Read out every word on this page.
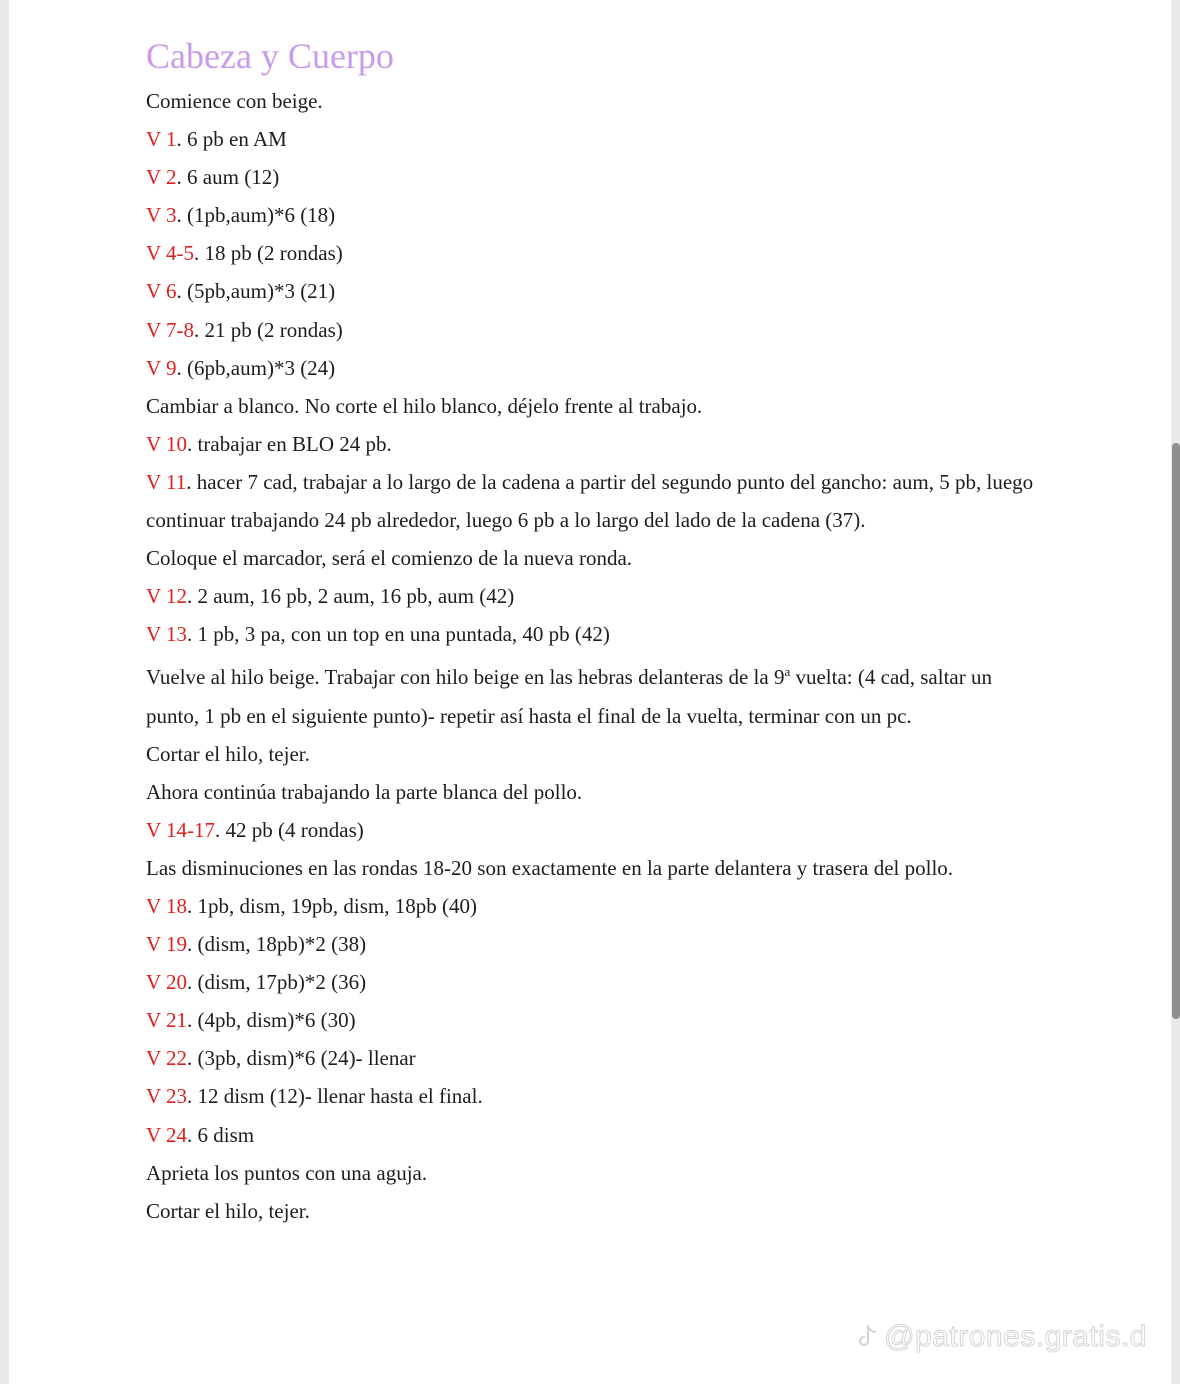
Cabeza y Cuerpo

Comience con beige.

V 1. 6 pb en AM

V 2. 6 aum (12)

V 3. (1pb,aum)*6 (18)

V 4-5. 18 pb (2 rondas)

V 6. (5pb,aum)*3 (21)

V 7-8. 21 pb (2 rondas)

V 9. (6pb,aum)*3 (24)

Cambiar a blanco. No corte el hilo blanco, déjelo frente al trabajo.

V 10. trabajar en BLO 24 pb.

V 11. hacer 7 cad, trabajar a lo largo de la cadena a partir del segundo punto del gancho: aum, 5 pb, luego continuar trabajando 24 pb alrededor, luego 6 pb a lo largo del lado de la cadena (37).

Coloque el marcador, será el comienzo de la nueva ronda.

V 12. 2 aum, 16 pb, 2 aum, 16 pb, aum (42)

V 13. 1 pb, 3 pa, con un top en una puntada, 40 pb (42)

Vuelve al hilo beige. Trabajar con hilo beige en las hebras delanteras de la 9$^a$ vuelta: (4 cad, saltar un punto, 1 pb en el siguiente punto)- repetir así hasta el final de la vuelta, terminar con un pc.

Cortar el hilo, tejer.

Ahora continúa trabajando la parte blanca del pollo.

V 14-17. 42 pb (4 rondas)

Las disminuciones en las rondas 18-20 son exactamente en la parte delantera y trasera del pollo.

V 18. 1pb, dism, 19pb, dism, 18pb (40)

V 19. (dism, 18pb)*2 (38)

V 20. (dism, 17pb)*2 (36)

V 21. (4pb, dism)*6 (30)

V 22. (3pb, dism)*6 (24)- llenar

V 23. 12 dism (12)- llenar hasta el final.

V 24. 6 dism

Aprieta los puntos con una aguja.

Cortar el hilo, tejer.

@patrones.gratis.d
